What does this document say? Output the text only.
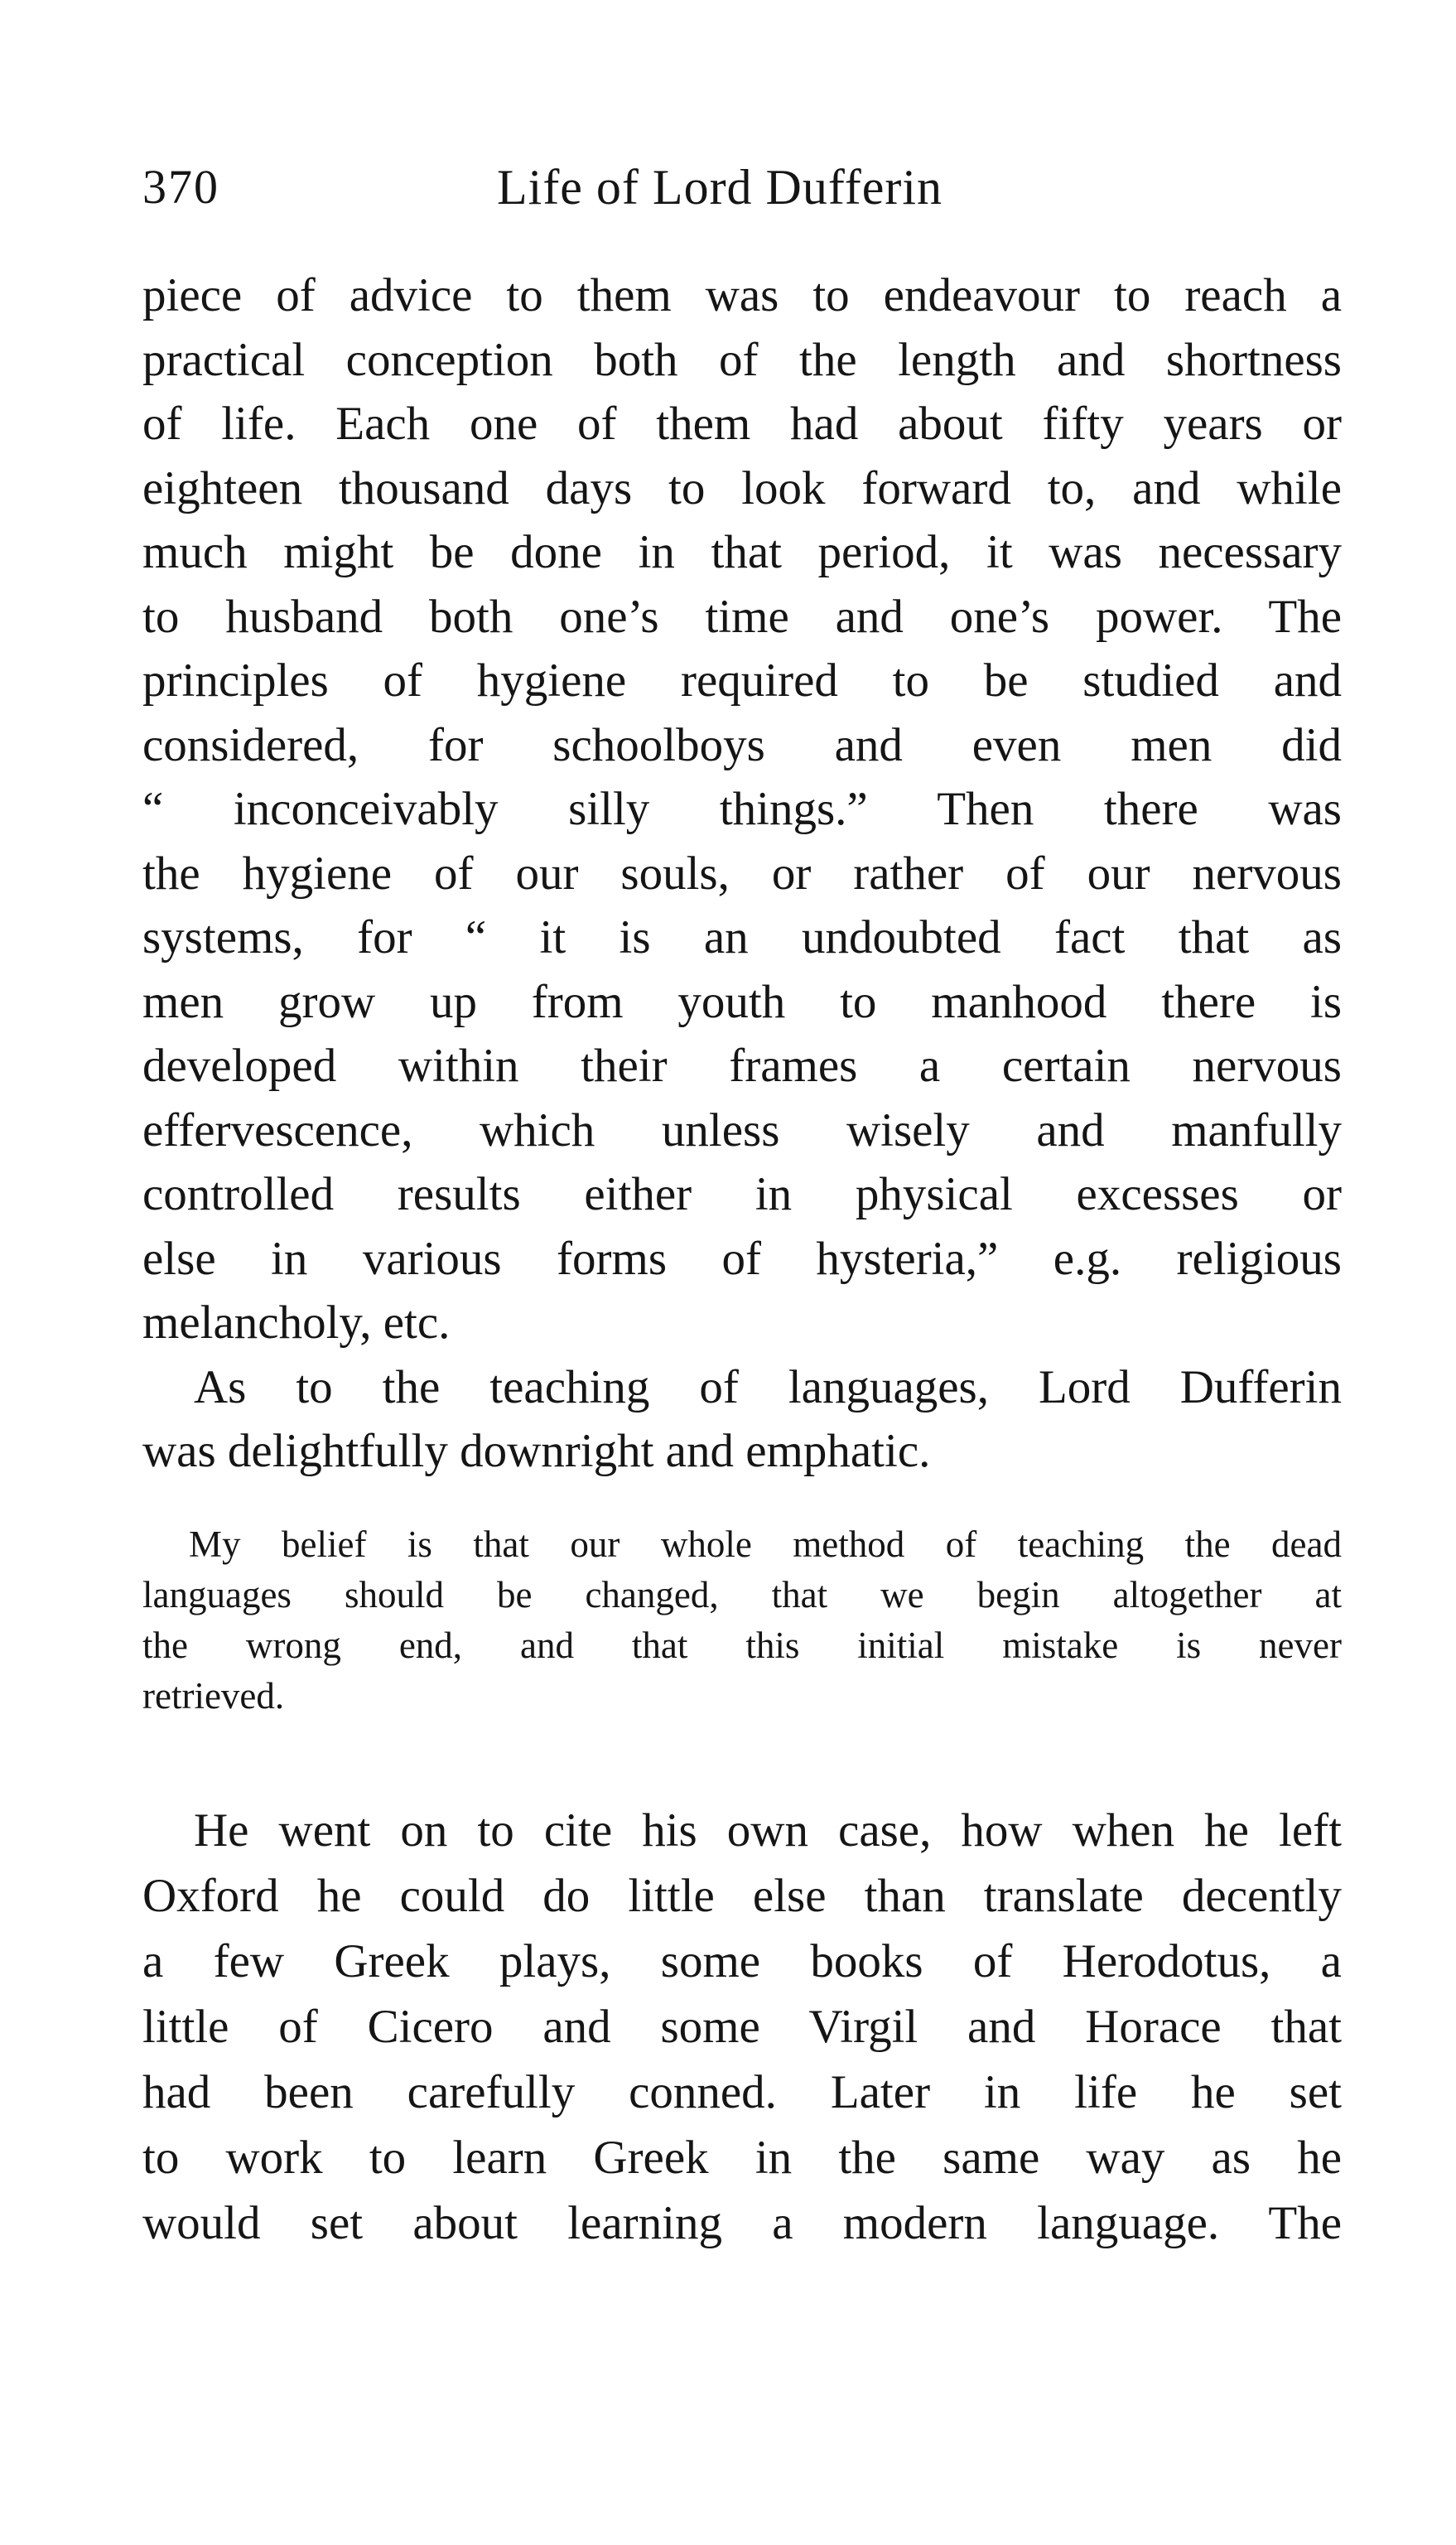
370	Life of Lord Dufferin
piece of advice to them was to endeavour to reach a
practical conception both of the length and shortness
of life. Each one of them had about fifty years or
eighteen thousand days to look forward to, and while
much might be done in that period, it was necessary
to husband both one’s time and one’s power. The
principles of hygiene required to be studied and
considered, for schoolboys and even men did
“ inconceivably silly things.” Then there was
the hygiene of our souls, or rather of our nervous
systems, for “ it is an undoubted fact that as
men grow up from youth to manhood there is
developed within their frames a certain nervous
effervescence, which unless wisely and manfully
controlled results either in physical excesses or
else in various forms of hysteria,” e.g. religious
melancholy, etc.
As to the teaching of languages, Lord Dufferin
was delightfully downright and emphatic.
My belief is that our whole method of teaching the dead
languages should be changed, that we begin altogether at
the wrong end, and that this initial mistake is never
retrieved.
He went on to cite his own case, how when he left
Oxford he could do little else than translate decently
a few Greek plays, some books of Herodotus, a
little of Cicero and some Virgil and Horace that
had been carefully conned. Later in life he set
to work to learn Greek in the same way as he
would set about learning a modern language. The
